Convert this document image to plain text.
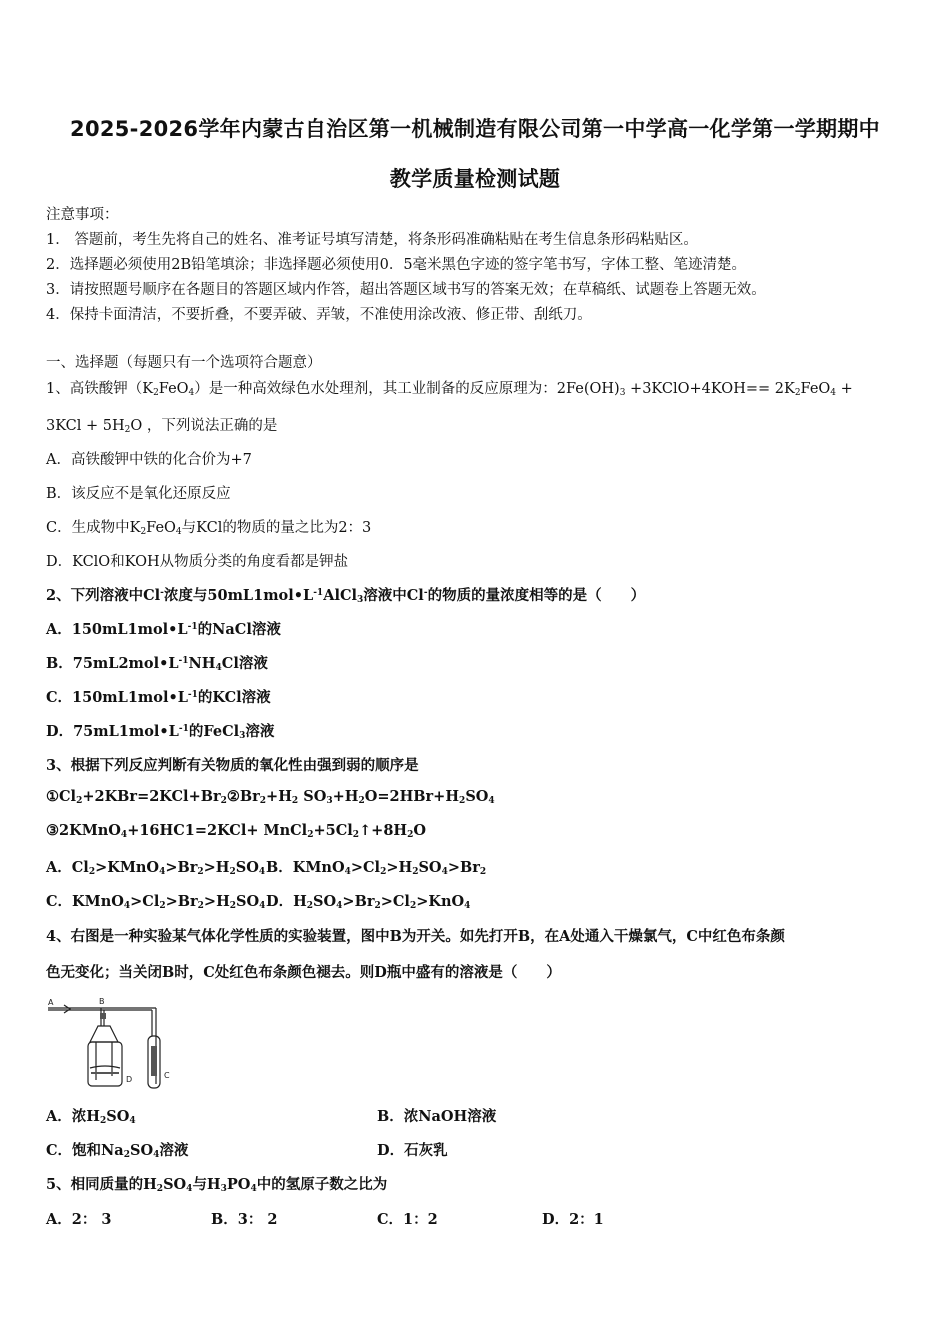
2025-2026学年内蒙古自治区第一机械制造有限公司第一中学高一化学第一学期期中
教学质量检测试题
注意事项：
1． 答题前，考生先将自己的姓名、准考证号填写清楚，将条形码准确粘贴在考生信息条形码粘贴区。
2．选择题必须使用2B铅笔填涂；非选择题必须使用0．5毫米黑色字迹的签字笔书写，字体工整、笔迹清楚。
3．请按照题号顺序在各题目的答题区域内作答，超出答题区域书写的答案无效；在草稿纸、试题卷上答题无效。
4．保持卡面清洁，不要折叠，不要弄破、弄皱，不准使用涂改液、修正带、刮纸刀。
一、选择题（每题只有一个选项符合题意）
1、高铁酸钾$(K_2FeO_4)$是一种高效绿色水处理剂，其工业制备的反应原理为：$2Fe(OH)_3$ +3KClO+4KOH== $2K_2FeO_4$ +
$3KCl + 5H_2O$ ，下列说法正确的是
A．高铁酸钾中铁的化合价为+7
B．该反应不是氧化还原反应
C．生成物中$K_2FeO_4$与KCl的物质的量之比为2：3
D．KClO和KOH从物质分类的角度看都是钾盐
2、下列溶液中Cl-浓度与$50mL1mol•L^{-1}AlCl_3$溶液中Cl-的物质的量浓度相等的是（　　）
A．$150mL1mol•L^{-1}$的NaCl溶液
B．$75mL2mol•L^{-1}NH_4Cl$溶液
C．$150mL1mol•L^{-1}$的KCl溶液
D．$75mL1mol•L^{-1}$的FeCl$_3$溶液
3、根据下列反应判断有关物质的氧化性由强到弱的顺序是
$①Cl_2+2KBr=2KCl+Br_2②Br_2+H_2$ $SO_3+H_2O=2HBr+H_2SO_4$
③2KMnO$_4$+16HC1=2KCl+ $MnCl_2+5Cl_2↑+8H_2O$
A．$Cl_2>KMnO_4>Br_2>H_2SO_4$ B．$KMnO_4>Cl_2>H_2SO_4>Br_2$
C．$KMnO_4>Cl_2>Br_2>H_2SO_4$ D．$H_2SO_4>Br_2>Cl_2>KnO_4$
4、右图是一种实验某气体化学性质的实验装置，图中B为开关。如先打开B，在A处通入干燥氯气，C中红色布条颜
色无变化；当关闭B时，C处红色布条颜色褪去。则D瓶中盛有的溶液是（　　）
A	B
C
D
A．浓$H_2SO_4$	B．浓NaOH溶液
C．饱和$Na_2SO_4$溶液	D．石灰乳
5、相同质量的$H_2SO_4$与$H_3PO_4$中的氢原子数之比为
A．2： 3	B．3： 2	C．1：2	D．2：1
